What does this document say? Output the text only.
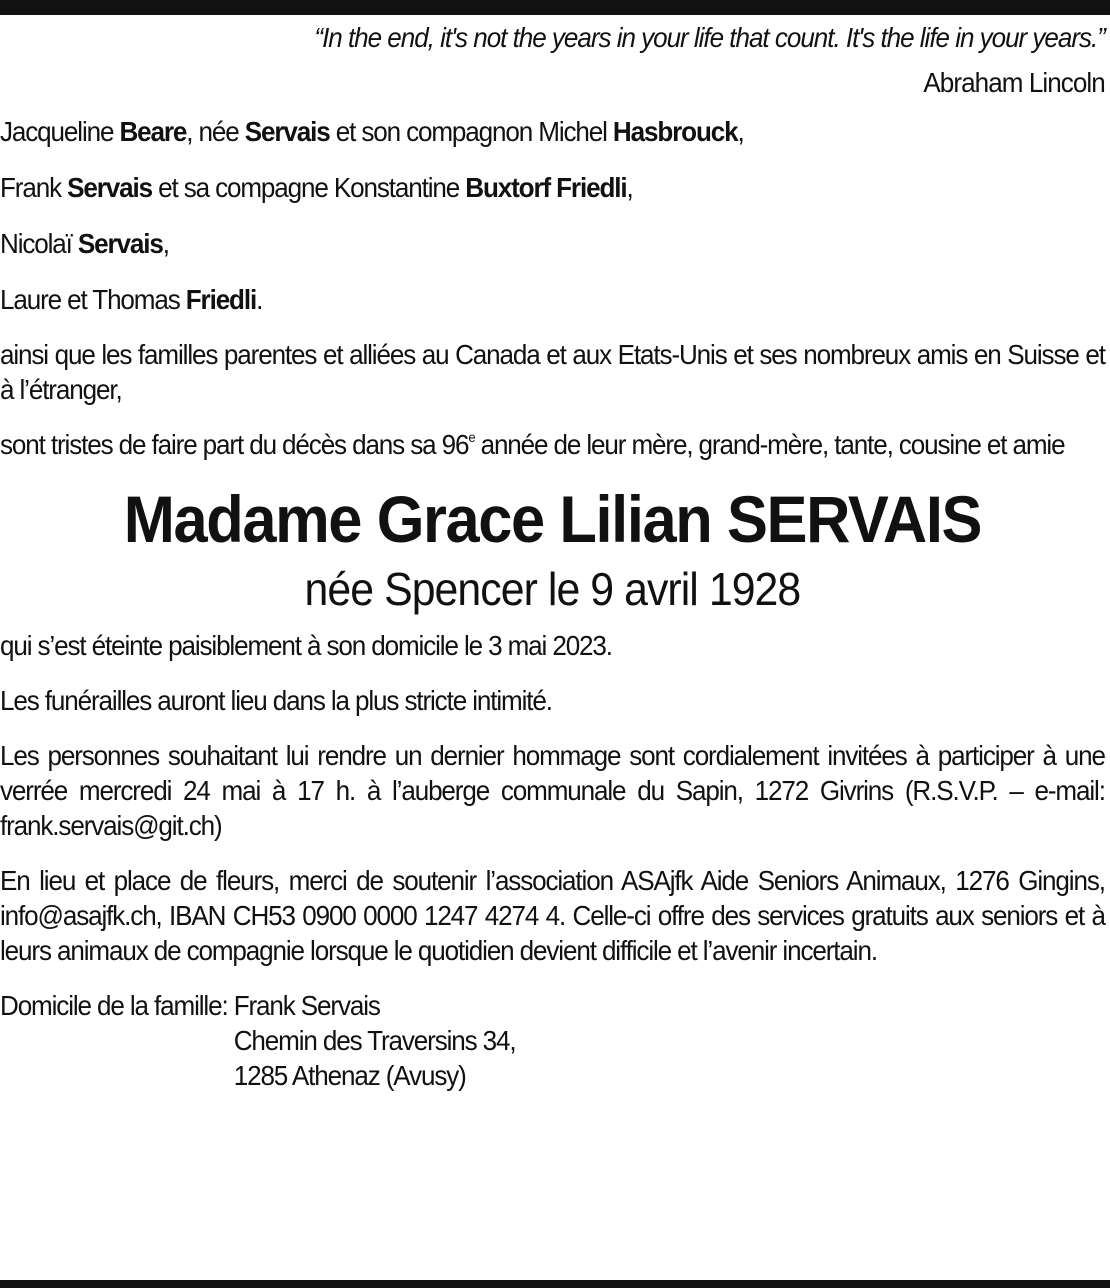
“In the end, it's not the years in your life that count. It's the life in your years.”

Abraham Lincoln

Jacqueline Beare, née Servais et son compagnon Michel Hasbrouck,

Frank Servais et sa compagne Konstantine Buxtorf Friedli,

Nicolaï Servais,

Laure et Thomas Friedli.

ainsi que les familles parentes et alliées au Canada et aux Etats-Unis et ses nombreux amis en Suisse et à l’étranger,

sont tristes de faire part du décès dans sa 96e année de leur mère, grand-mère, tante, cousine et amie

Madame Grace Lilian SERVAIS

née Spencer le 9 avril 1928

qui s’est éteinte paisiblement à son domicile le 3 mai 2023.

Les funérailles auront lieu dans la plus stricte intimité.

Les personnes souhaitant lui rendre un dernier hommage sont cordialement invitées à participer à une verrée mercredi 24 mai à 17 h. à l’auberge communale du Sapin, 1272 Givrins (R.S.V.P. – e-mail: frank.servais@git.ch)

En lieu et place de fleurs, merci de soutenir l’association ASAjfk Aide Seniors Animaux, 1276 Gingins, info@asajfk.ch, IBAN CH53 0900 0000 1247 4274 4. Celle-ci offre des services gratuits aux seniors et à leurs animaux de compagnie lorsque le quotidien devient difficile et l’avenir incertain.

Domicile de la famille: Frank Servais
Chemin des Traversins 34,
1285 Athenaz (Avusy)
